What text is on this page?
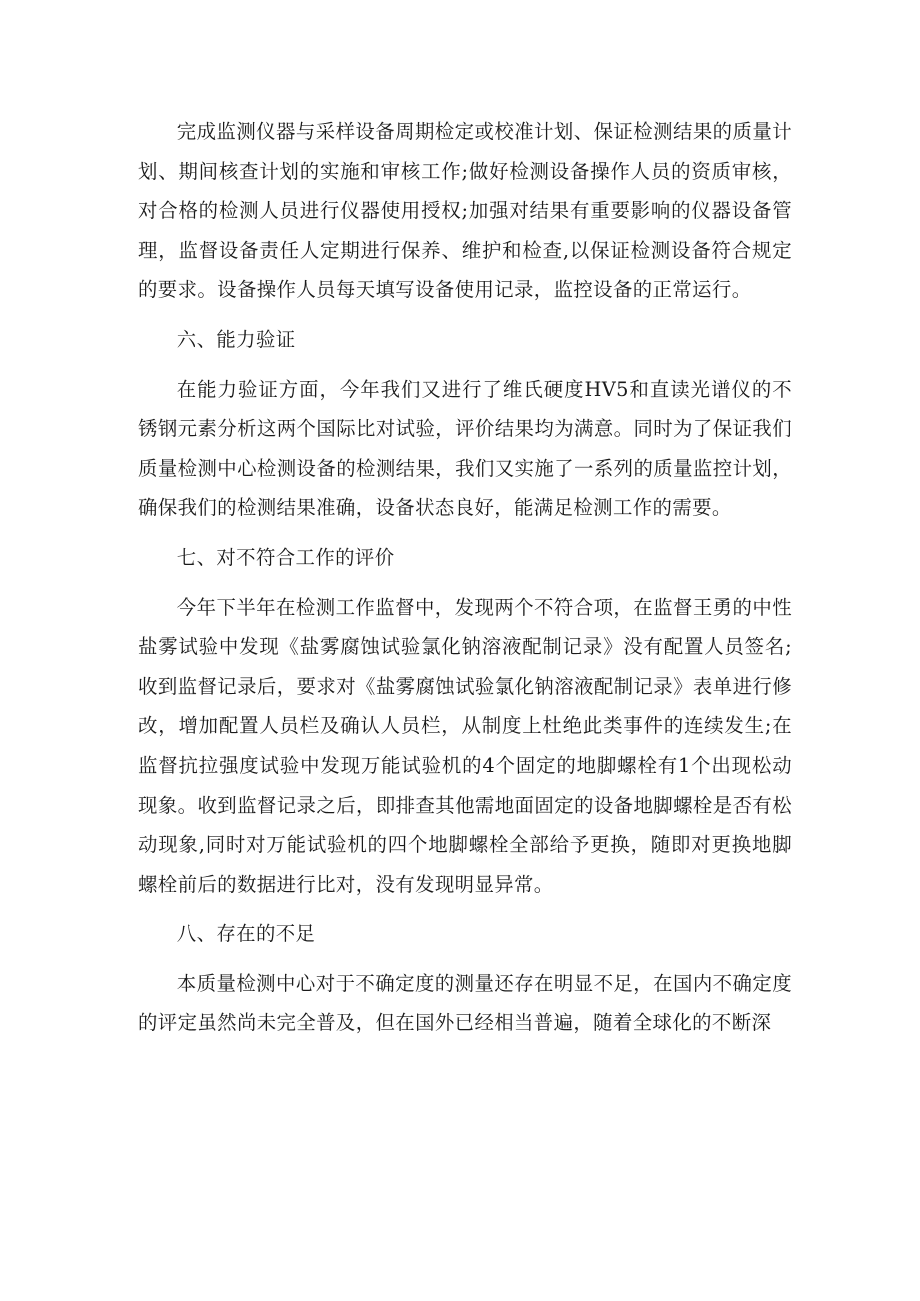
完成监测仪器与采样设备周期检定或校准计划、保证检测结果的质量计划、期间核查计划的实施和审核工作;做好检测设备操作人员的资质审核，对合格的检测人员进行仪器使用授权;加强对结果有重要影响的仪器设备管理，监督设备责任人定期进行保养、维护和检查,以保证检测设备符合规定的要求。设备操作人员每天填写设备使用记录，监控设备的正常运行。

六、能力验证

在能力验证方面，今年我们又进行了维氏硬度HV5和直读光谱仪的不锈钢元素分析这两个国际比对试验，评价结果均为满意。同时为了保证我们质量检测中心检测设备的检测结果，我们又实施了一系列的质量监控计划，确保我们的检测结果准确，设备状态良好，能满足检测工作的需要。

七、对不符合工作的评价

今年下半年在检测工作监督中，发现两个不符合项，在监督王勇的中性盐雾试验中发现《盐雾腐蚀试验氯化钠溶液配制记录》没有配置人员签名;收到监督记录后，要求对《盐雾腐蚀试验氯化钠溶液配制记录》表单进行修改，增加配置人员栏及确认人员栏，从制度上杜绝此类事件的连续发生;在监督抗拉强度试验中发现万能试验机的4个固定的地脚螺栓有1个出现松动现象。收到监督记录之后，即排查其他需地面固定的设备地脚螺栓是否有松动现象,同时对万能试验机的四个地脚螺栓全部给予更换，随即对更换地脚螺栓前后的数据进行比对，没有发现明显异常。

八、存在的不足

本质量检测中心对于不确定度的测量还存在明显不足，在国内不确定度的评定虽然尚未完全普及，但在国外已经相当普遍，随着全球化的不断深
